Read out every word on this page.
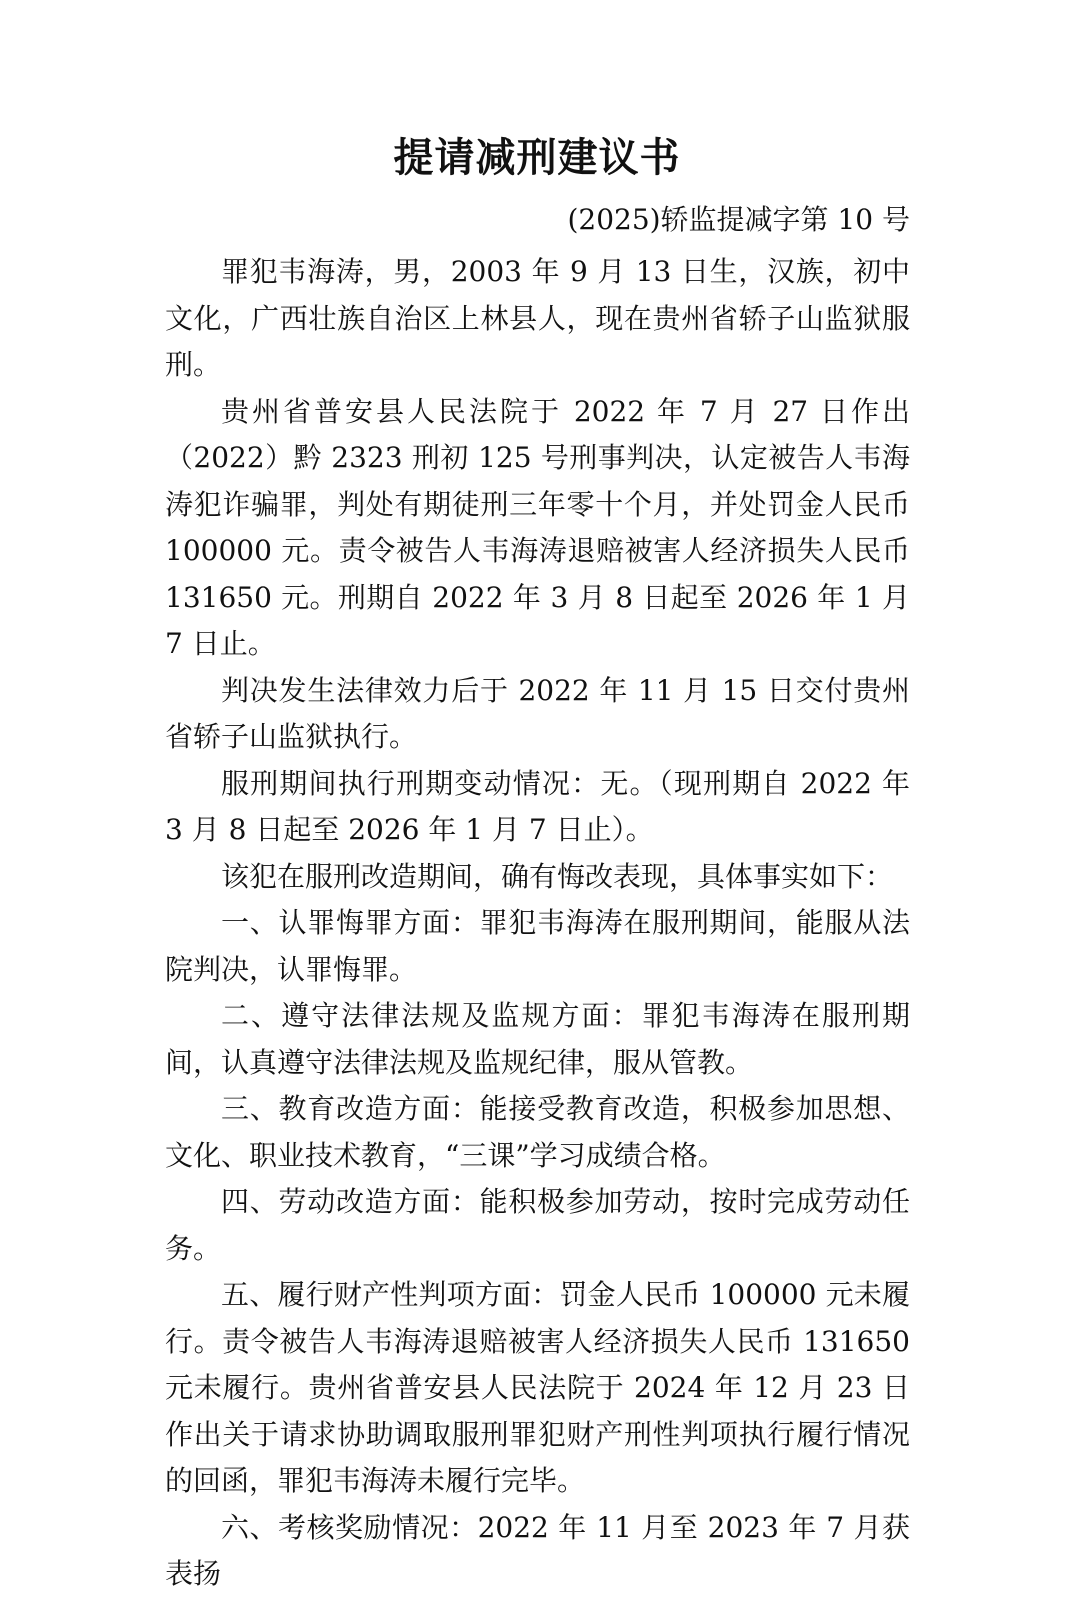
提请减刑建议书

(2025)轿监提减字第 10 号

罪犯韦海涛，男，2003 年 9 月 13 日生，汉族，初中文化，广西壮族自治区上林县人，现在贵州省轿子山监狱服刑。

贵州省普安县人民法院于 2022 年 7 月 27 日作出（2022）黔 2323 刑初 125 号刑事判决，认定被告人韦海涛犯诈骗罪，判处有期徒刑三年零十个月，并处罚金人民币 100000 元。责令被告人韦海涛退赔被害人经济损失人民币 131650 元。刑期自 2022 年 3 月 8 日起至 2026 年 1 月 7 日止。

判决发生法律效力后于 2022 年 11 月 15 日交付贵州省轿子山监狱执行。

服刑期间执行刑期变动情况：无。（现刑期自 2022 年 3 月 8 日起至 2026 年 1 月 7 日止）。

该犯在服刑改造期间，确有悔改表现，具体事实如下：

一、认罪悔罪方面：罪犯韦海涛在服刑期间，能服从法院判决，认罪悔罪。

二、遵守法律法规及监规方面：罪犯韦海涛在服刑期间，认真遵守法律法规及监规纪律，服从管教。

三、教育改造方面：能接受教育改造，积极参加思想、文化、职业技术教育，“三课”学习成绩合格。

四、劳动改造方面：能积极参加劳动，按时完成劳动任务。

五、履行财产性判项方面：罚金人民币 100000 元未履行。责令被告人韦海涛退赔被害人经济损失人民币 131650 元未履行。贵州省普安县人民法院于 2024 年 12 月 23 日作出关于请求协助调取服刑罪犯财产刑性判项执行履行情况的回函，罪犯韦海涛未履行完毕。

六、考核奖励情况：2022 年 11 月至 2023 年 7 月获表扬
